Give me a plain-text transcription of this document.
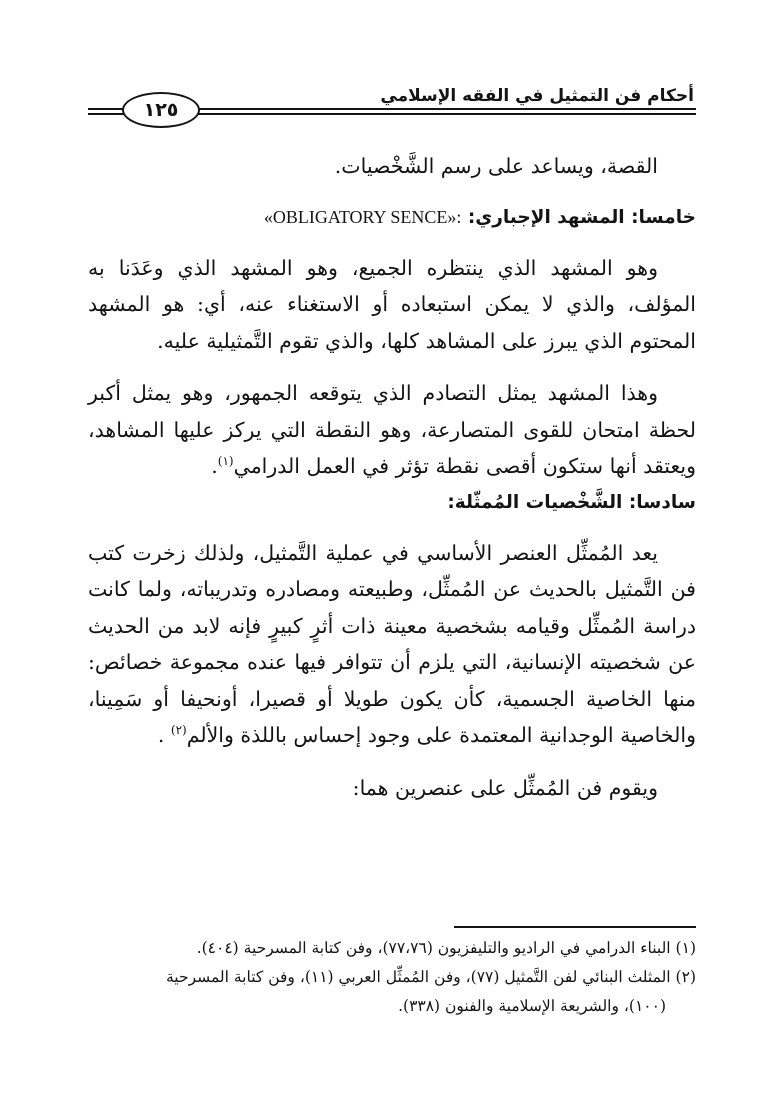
١٢٥
أحكام فن التمثيل في الفقه الإسلامي

القصة، ويساعد على رسم الشَّخْصيات.

خامسا: المشهد الإجباري: «OBLIGATORY SENCE»:

وهو المشهد الذي ينتظره الجميع، وهو المشهد الذي وعَدَنا به المؤلف، والذي لا يمكن استبعاده أو الاستغناء عنه، أي: هو المشهد المحتوم الذي يبرز على المشاهد كلها، والذي تقوم التَّمثيلية عليه.

وهذا المشهد يمثل التصادم الذي يتوقعه الجمهور، وهو يمثل أكبر لحظة امتحان للقوى المتصارعة، وهو النقطة التي يركز عليها المشاهد، ويعتقد أنها ستكون أقصى نقطة تؤثر في العمل الدرامي$^{(١)}$.

سادسا: الشَّخْصيات المُمثّلة:

يعد المُمثِّل العنصر الأساسي في عملية التَّمثيل، ولذلك زخرت كتب فن التَّمثيل بالحديث عن المُمثِّل، وطبيعته ومصادره وتدريباته، ولما كانت دراسة المُمثِّل وقيامه بشخصية معينة ذات أثرٍ كبيرٍ فإنه لابد من الحديث عن شخصيته الإنسانية، التي يلزم أن تتوافر فيها عنده مجموعة خصائص: منها الخاصية الجسمية، كأن يكون طويلا أو قصيرا، أونحيفا أو سَمِينا، والخاصية الوجدانية المعتمدة على وجود إحساس باللذة والألم$^{(٢)}$ .

ويقوم فن المُمثِّل على عنصرين هما:

(١) البناء الدرامي في الراديو والتليفزيون (٧٧،٧٦)، وفن كتابة المسرحية (٤٠٤).

(٢) المثلث البنائي لفن التَّمثيل (٧٧)، وفن المُمثِّل العربي (١١)، وفن كتابة المسرحية

(١٠٠)، والشريعة الإسلامية والفنون (٣٣٨).
